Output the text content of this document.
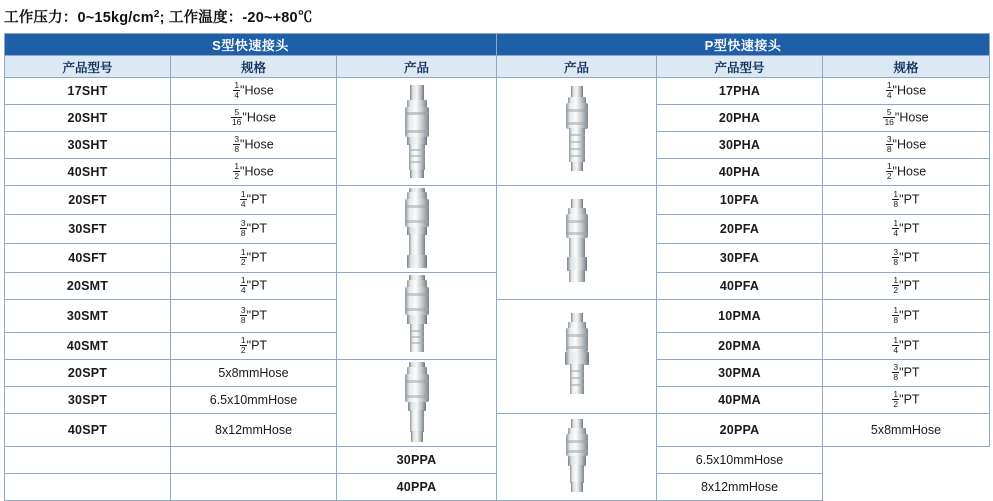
工作压力：$0\sim 15kg/cm^2$; 工作温度：-20~+80℃
S型快速接头			P型快速接头		
产品型号	规格	产品	产品	产品型号	规格
17SHT	$\frac{1}{4}$ "Hose			17PHA	$\frac{1}{4}$ "Hose
20SHT	$\frac{5}{16}$ "Hose			20PHA	$\frac{5}{16}$ "Hose
30SHT	$\frac{3}{8}$ "Hose			30PHA	$\frac{3}{8}$ "Hose
40SHT	$\frac{1}{2}$ "Hose			40PHA	$\frac{1}{2}$ "Hose
20SFT	$\frac{1}{4}$ "PT			10PFA	$\frac{1}{8}$ "PT
30SFT	$\frac{3}{8}$ "PT			20PFA	$\frac{1}{4}$ "PT
40SFT	$\frac{1}{2}$ "PT			30PFA	$\frac{3}{8}$ "PT
20SMT	$\frac{1}{4}$ "PT			40PFA	$\frac{1}{2}$ "PT
30SMT	$\frac{3}{8}$ "PT			10PMA	$\frac{1}{8}$ "PT
40SMT	$\frac{1}{2}$ "PT			20PMA	$\frac{1}{4}$ "PT
20SPT	5x8mmHose			30PMA	$\frac{3}{8}$ "PT
30SPT	6.5x10mmHose			40PMA	$\frac{1}{2}$ "PT
40SPT	8x12mmHose			20PPA	5x8mmHose
		30PPA		6.5x10mmHose	
		40PPA		8x12mmHose	
